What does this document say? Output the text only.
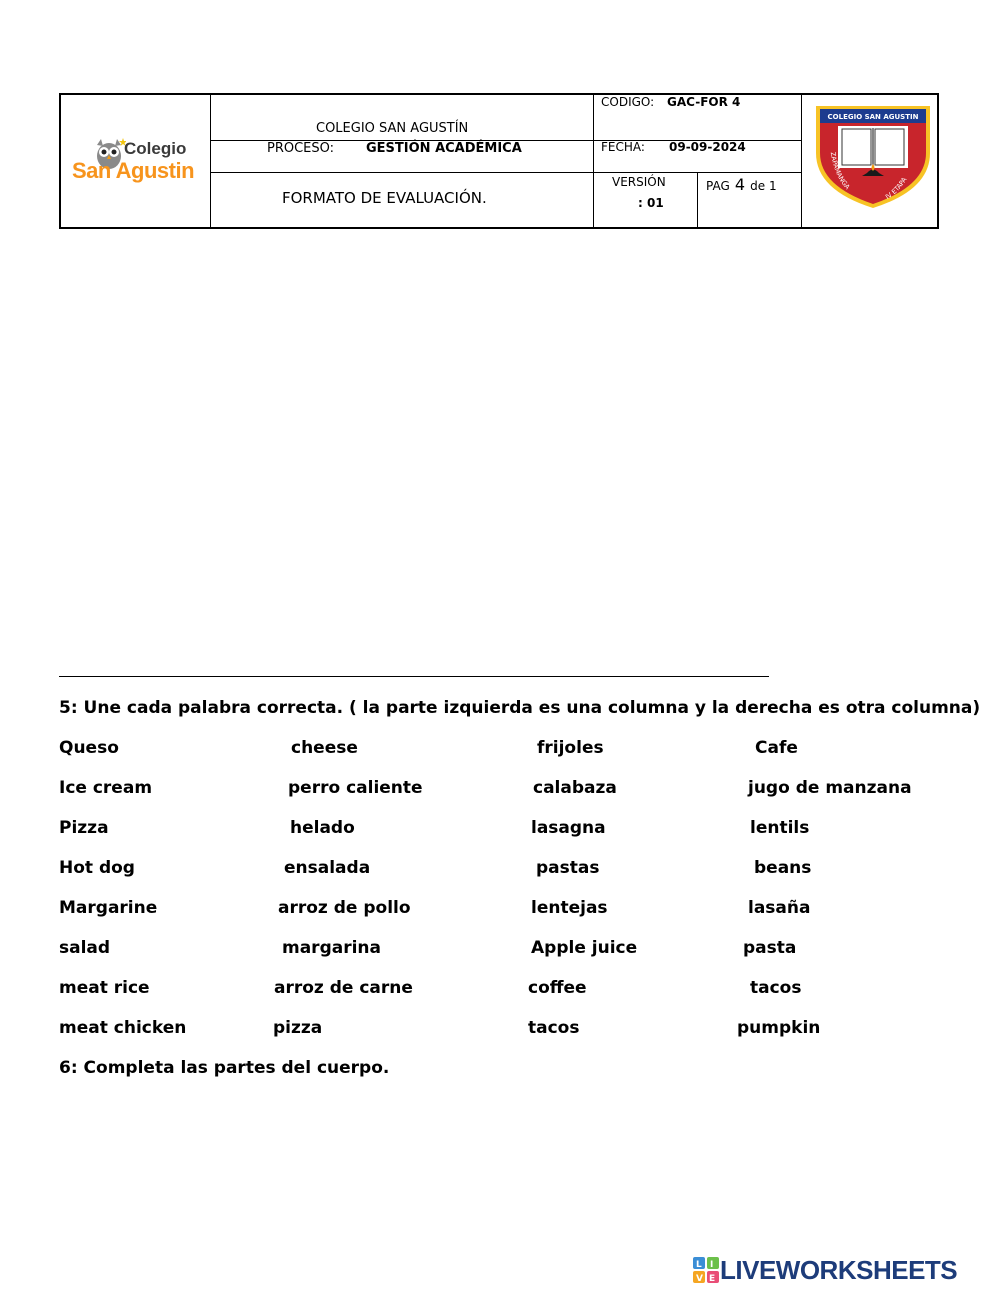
Colegio
San Agustin
COLEGIO SAN AGUSTÍN
PROCESO: GESTIÓN ACADÉMICA
FORMATO DE EVALUACIÓN.
CODIGO: GAC-FOR 4
FECHA: 09-09-2024
VERSIÓN
: 01
PAG 4 de 1
COLEGIO SAN AGUSTIN
ZAPAMANGA
IV ETAPA
5: Une cada palabra correcta. ( la parte izquierda es una columna y la derecha es otra columna)
Queso	cheese	frijoles	Cafe
Ice cream	perro caliente	calabaza	jugo de manzana
Pizza	helado	lasagna	lentils
Hot dog	ensalada	pastas	beans
Margarine	arroz de pollo	lentejas	lasaña
salad	margarina	Apple juice	pasta
meat rice	arroz de carne	coffee	tacos
meat chicken	pizza	tacos	pumpkin
6: Completa las partes del cuerpo.
L I
V E LIVEWORKSHEETS
